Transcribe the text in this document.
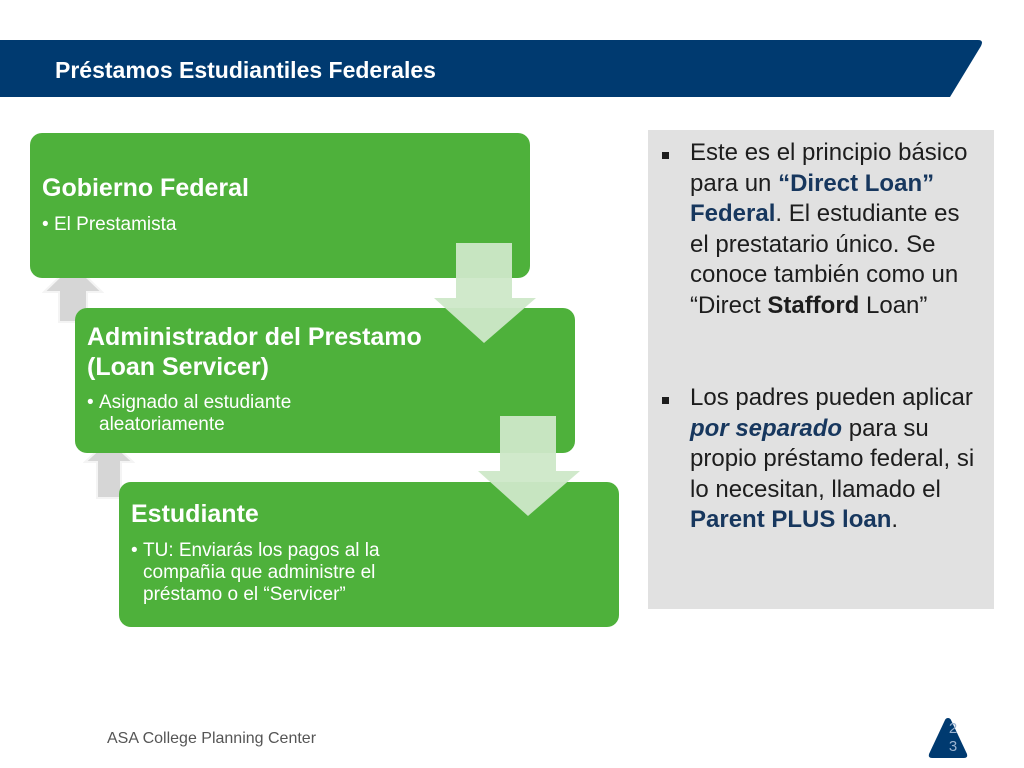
Préstamos Estudiantiles Federales

Gobierno Federal

• El Prestamista

Administrador del Prestamo (Loan Servicer)

• Asignado al estudiante aleatoriamente

Estudiante

• TU: Enviarás los pagos al la compañia que administre el préstamo o el “Servicer”

Este es el principio básico para un “Direct Loan” Federal. El estudiante es el prestatario único. Se conoce también como un “Direct Stafford Loan”
Los padres pueden aplicar por separado para su propio préstamo federal, si lo necesitan, llamado el Parent PLUS loan.

ASA College Planning Center

23
